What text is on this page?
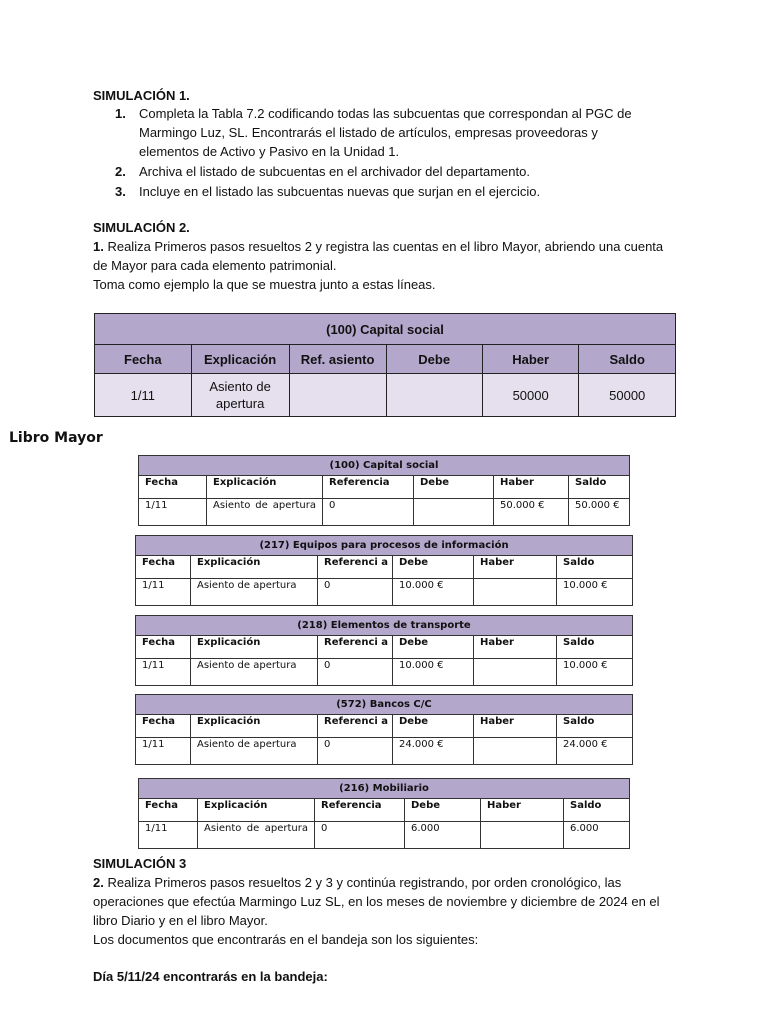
SIMULACIÓN 1.

1.	Completa la Tabla 7.2 codificando todas las subcuentas que correspondan al PGC de Marmingo Luz, SL. Encontrarás el listado de artículos, empresas proveedoras y elementos de Activo y Pasivo en la Unidad 1.
2.	Archiva el listado de subcuentas en el archivador del departamento.
3.	Incluye en el listado las subcuentas nuevas que surjan en el ejercicio.

SIMULACIÓN 2.

1. Realiza Primeros pasos resueltos 2 y registra las cuentas en el libro Mayor, abriendo una cuenta de Mayor para cada elemento patrimonial.

Toma como ejemplo la que se muestra junto a estas líneas.

(100) Capital social					
Fecha	Explicación	Ref. asiento	Debe	Haber	Saldo
1/11	Asiento de apertura			50000	50000
Libro Mayor
(100) Capital social					
Fecha	Explicación	Referencia	Debe	Haber	Saldo
1/11	Asiento de apertura	0		50.000 €	50.000 €
(217) Equipos para procesos de información					
Fecha	Explicación	Referenci a	Debe	Haber	Saldo
1/11	Asiento de apertura	0	10.000 €		10.000 €
(218) Elementos de transporte					
Fecha	Explicación	Referenci a	Debe	Haber	Saldo
1/11	Asiento de apertura	0	10.000 €		10.000 €
(572) Bancos C/C					
Fecha	Explicación	Referenci a	Debe	Haber	Saldo
1/11	Asiento de apertura	0	24.000 €		24.000 €
(216) Mobiliario					
Fecha	Explicación	Referencia	Debe	Haber	Saldo
1/11	Asiento de apertura	0	6.000		6.000

SIMULACIÓN 3

2. Realiza Primeros pasos resueltos 2 y 3 y continúa registrando, por orden cronológico, las operaciones que efectúa Marmingo Luz SL, en los meses de noviembre y diciembre de 2024 en el libro Diario y en el libro Mayor.

Los documentos que encontrarás en el bandeja son los siguientes:

Día 5/11/24 encontrarás en la bandeja:
